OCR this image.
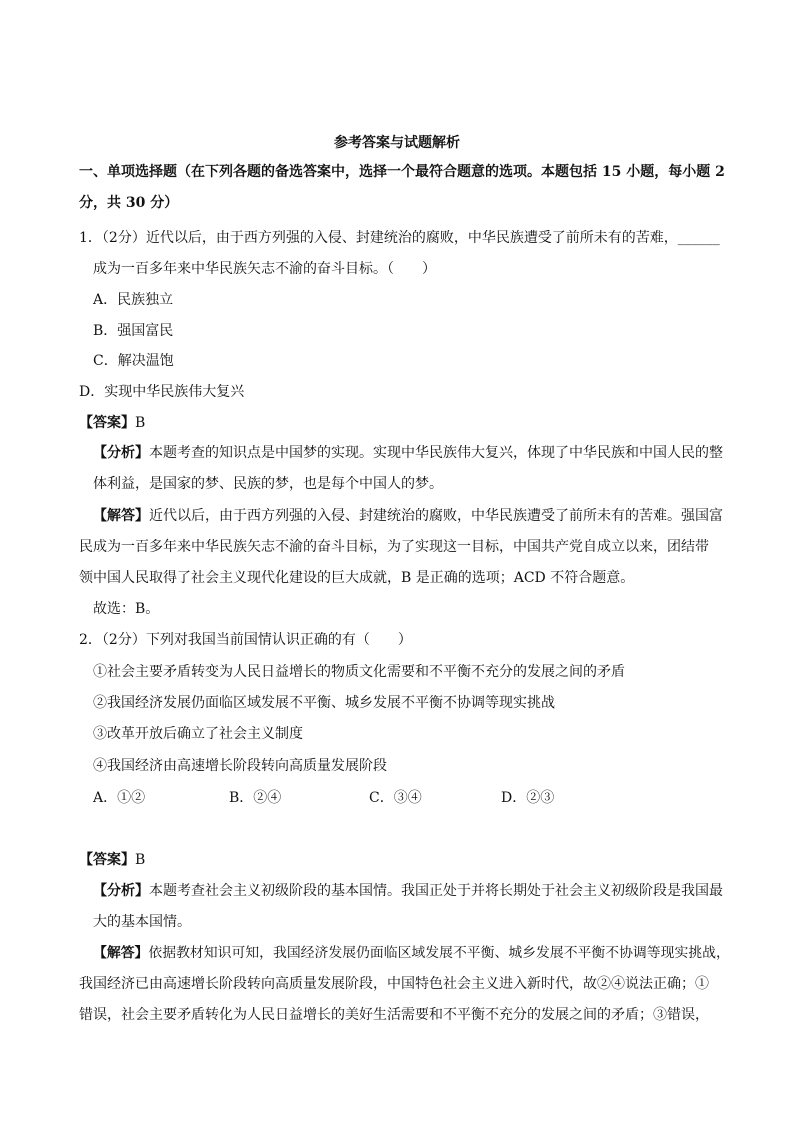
参考答案与试题解析
一、单项选择题（在下列各题的备选答案中，选择一个最符合题意的选项。本题包括 15 小题，每小题 2
分，共 30 分）
1．（2分）近代以后，由于西方列强的入侵、封建统治的腐败，中华民族遭受了前所未有的苦难，______
成为一百多年来中华民族矢志不渝的奋斗目标。（　　）
A．民族独立
B．强国富民
C．解决温饱
D．实现中华民族伟大复兴
【答案】B
【分析】本题考查的知识点是中国梦的实现。实现中华民族伟大复兴，体现了中华民族和中国人民的整
体利益，是国家的梦、民族的梦，也是每个中国人的梦。
【解答】近代以后，由于西方列强的入侵、封建统治的腐败，中华民族遭受了前所未有的苦难。强国富
民成为一百多年来中华民族矢志不渝的奋斗目标，为了实现这一目标，中国共产党自成立以来，团结带
领中国人民取得了社会主义现代化建设的巨大成就，B 是正确的选项；ACD 不符合题意。
故选：B。
2．（2分）下列对我国当前国情认识正确的有（　　）
①社会主要矛盾转变为人民日益增长的物质文化需要和不平衡不充分的发展之间的矛盾
②我国经济发展仍面临区域发展不平衡、城乡发展不平衡不协调等现实挑战
③改革开放后确立了社会主义制度
④我国经济由高速增长阶段转向高质量发展阶段
A．①②	B．②④	C．③④	D．②③
【答案】B
【分析】本题考查社会主义初级阶段的基本国情。我国正处于并将长期处于社会主义初级阶段是我国最
大的基本国情。
【解答】依据教材知识可知，我国经济发展仍面临区域发展不平衡、城乡发展不平衡不协调等现实挑战，
我国经济已由高速增长阶段转向高质量发展阶段，中国特色社会主义进入新时代，故②④说法正确；①
错误，社会主要矛盾转化为人民日益增长的美好生活需要和不平衡不充分的发展之间的矛盾；③错误，
